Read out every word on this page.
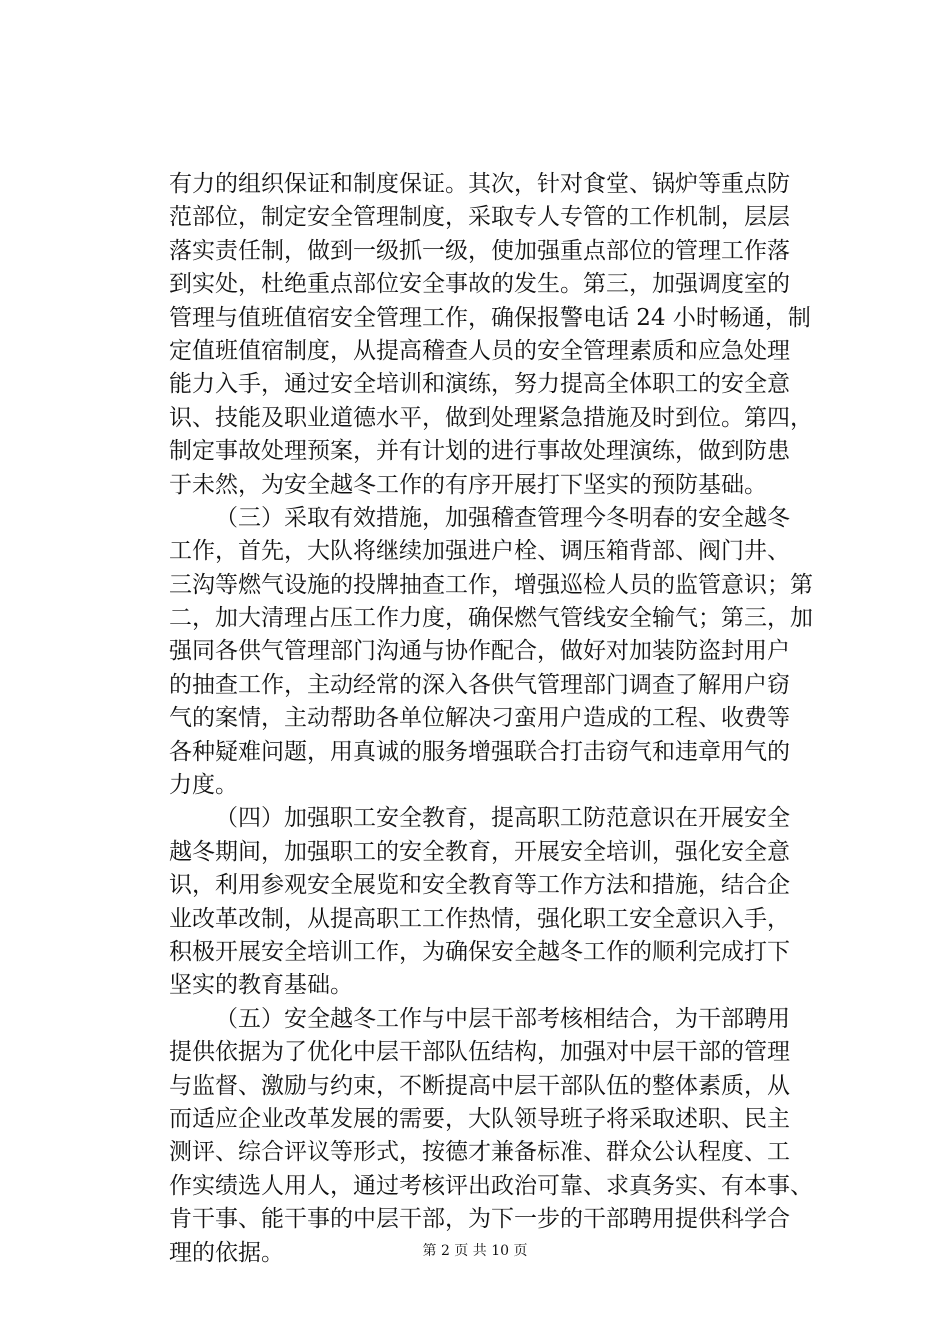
有力的组织保证和制度保证。其次，针对食堂、锅炉等重点防
范部位，制定安全管理制度，采取专人专管的工作机制，层层
落实责任制，做到一级抓一级，使加强重点部位的管理工作落
到实处，杜绝重点部位安全事故的发生。第三，加强调度室的
管理与值班值宿安全管理工作，确保报警电话 24 小时畅通，制
定值班值宿制度，从提高稽查人员的安全管理素质和应急处理
能力入手，通过安全培训和演练，努力提高全体职工的安全意
识、技能及职业道德水平，做到处理紧急措施及时到位。第四，
制定事故处理预案，并有计划的进行事故处理演练，做到防患
于未然，为安全越冬工作的有序开展打下坚实的预防基础。
（三）采取有效措施，加强稽查管理今冬明春的安全越冬
工作，首先，大队将继续加强进户栓、调压箱背部、阀门井、
三沟等燃气设施的投牌抽查工作，增强巡检人员的监管意识；第
二，加大清理占压工作力度，确保燃气管线安全输气；第三，加
强同各供气管理部门沟通与协作配合，做好对加装防盗封用户
的抽查工作，主动经常的深入各供气管理部门调查了解用户窃
气的案情，主动帮助各单位解决刁蛮用户造成的工程、收费等
各种疑难问题，用真诚的服务增强联合打击窃气和违章用气的
力度。
（四）加强职工安全教育，提高职工防范意识在开展安全
越冬期间，加强职工的安全教育，开展安全培训，强化安全意
识，利用参观安全展览和安全教育等工作方法和措施，结合企
业改革改制，从提高职工工作热情，强化职工安全意识入手，
积极开展安全培训工作，为确保安全越冬工作的顺利完成打下
坚实的教育基础。
（五）安全越冬工作与中层干部考核相结合，为干部聘用
提供依据为了优化中层干部队伍结构，加强对中层干部的管理
与监督、激励与约束，不断提高中层干部队伍的整体素质，从
而适应企业改革发展的需要，大队领导班子将采取述职、民主
测评、综合评议等形式，按德才兼备标准、群众公认程度、工
作实绩选人用人，通过考核评出政治可靠、求真务实、有本事、
肯干事、能干事的中层干部，为下一步的干部聘用提供科学合
理的依据。	第 2 页 共 10 页
